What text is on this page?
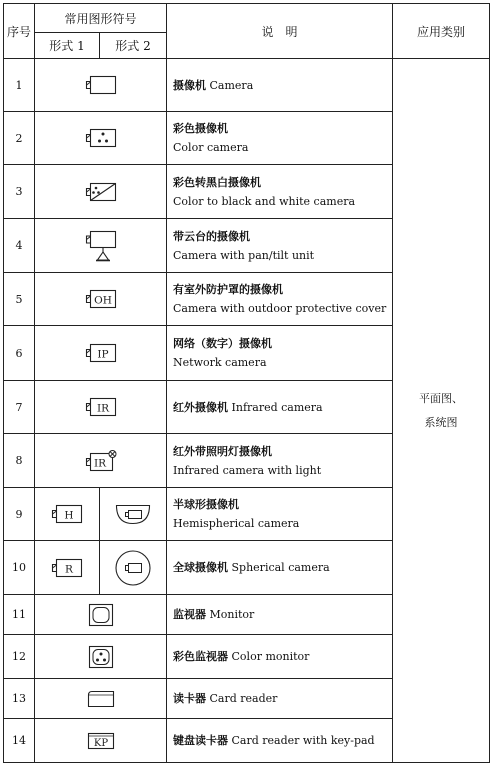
序号	常用图形符号		说　明	应用类别
	形式 1	形式 2		
1			摄像机 Camera	平面图、
系统图

2			彩色摄像机
Color camera	

3			彩色转黑白摄像机
Color to black and white camera	

4			带云台的摄像机
Camera with pan/tilt unit	

5	OH		有室外防护罩的摄像机
Camera with outdoor protective cover	

6	IP		网络（数字）摄像机
Network camera	

7	IR		红外摄像机 Infrared camera	
8	IR		红外带照明灯摄像机
Infrared camera with light	

9	H		半球形摄像机
Hemispherical camera	

10	R		全球摄像机 Spherical camera	
11			监视器 Monitor	
12			彩色监视器 Color monitor	
13			读卡器 Card reader	
14	KP		键盘读卡器 Card reader with key-pad	
